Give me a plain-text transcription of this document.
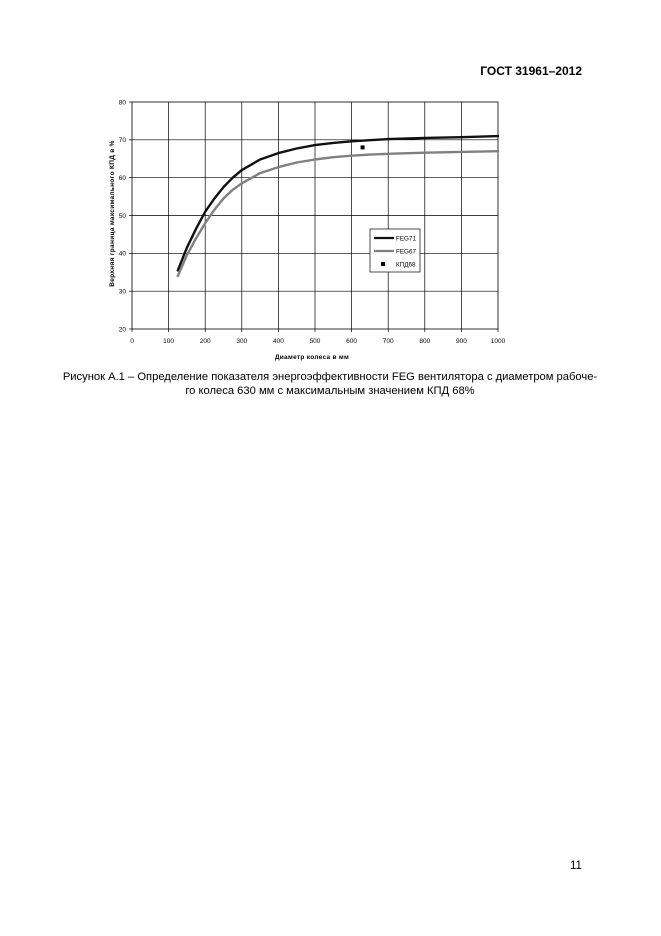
ГОСТ 31961–2012
0	100	200	300	400	500	600	700	800	900	1000
20
30
40
50
60
70
80
Диаметр колеса в мм
Верхняя граница максимального КПД в %	FEG71
FEG67
КПД68
Рисунок А.1 – Определение показателя энергоэффективности FEG вентилятора с диаметром рабоче-
го колеса 630 мм с максимальным значением КПД 68%
11
